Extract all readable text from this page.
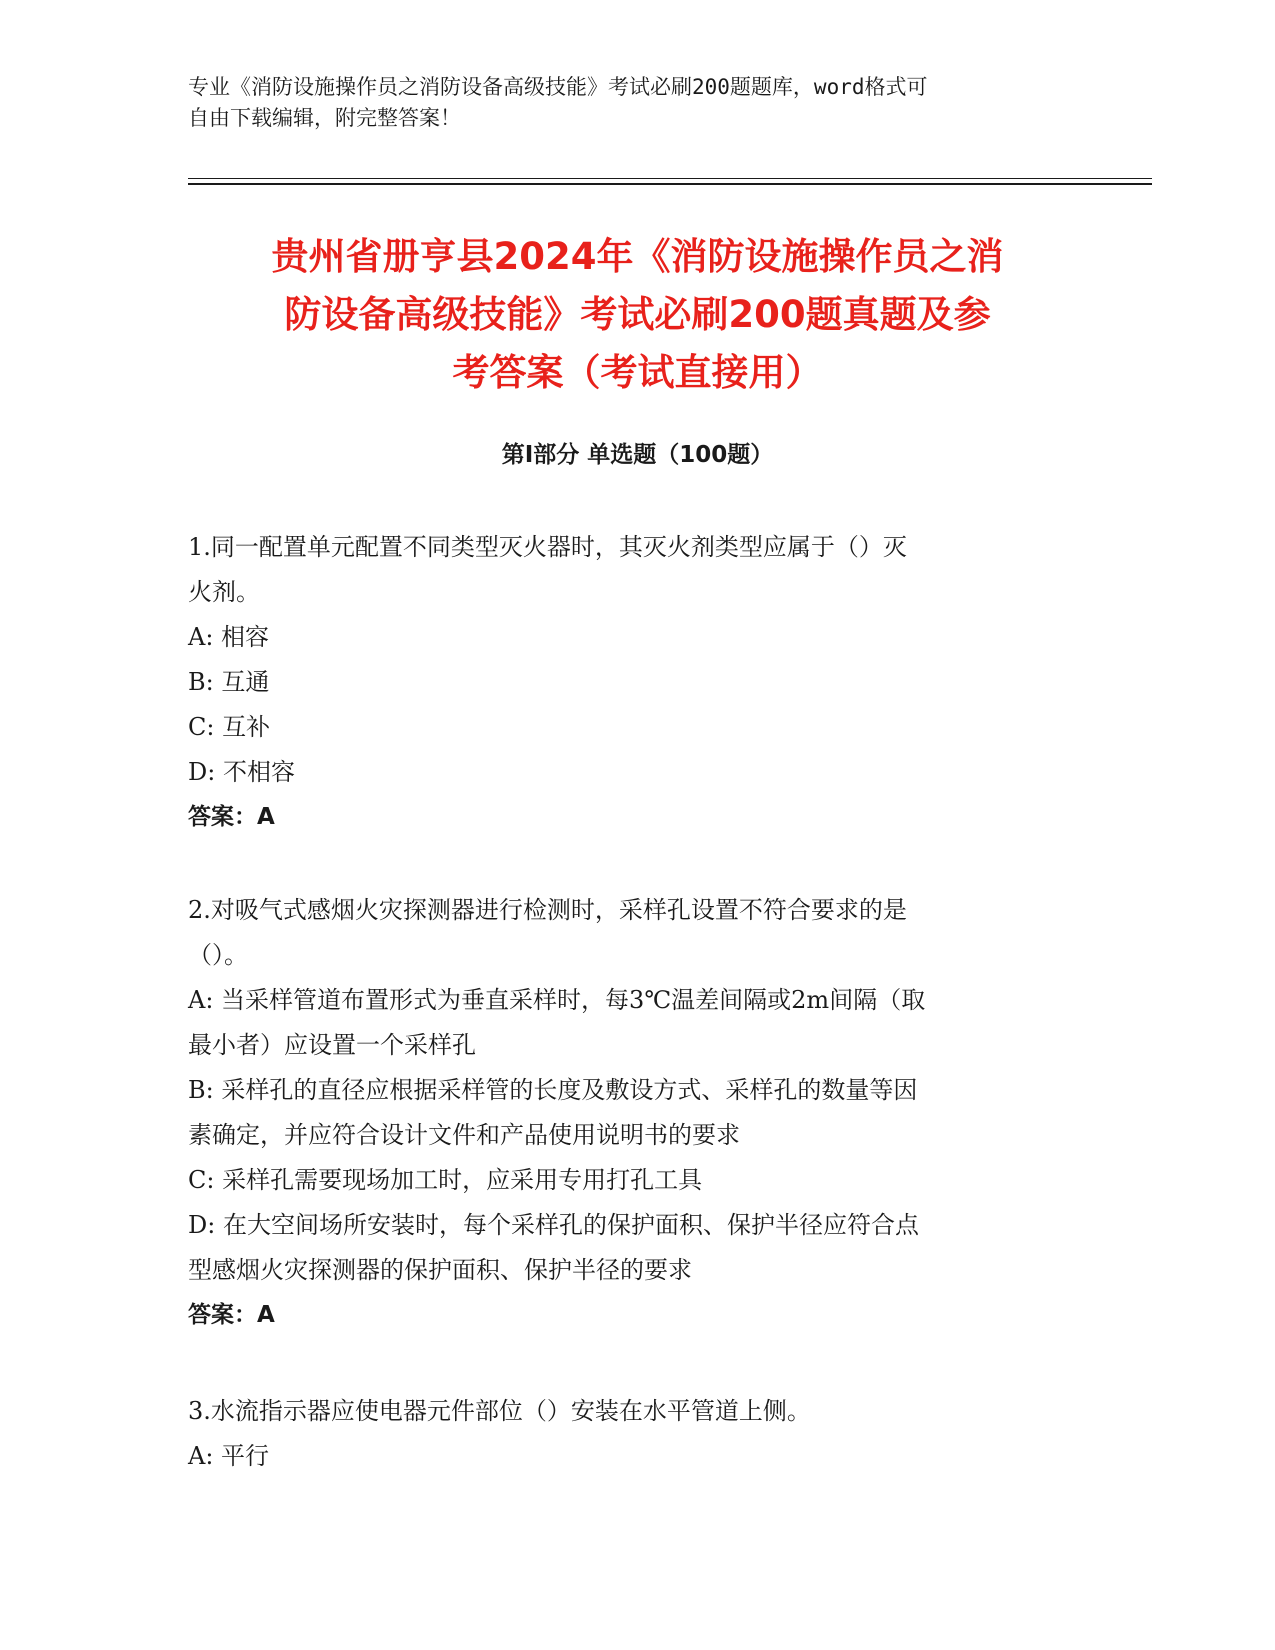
专业《消防设施操作员之消防设备高级技能》考试必刷200题题库，word格式可
自由下载编辑，附完整答案！
贵州省册亨县2024年《消防设施操作员之消
防设备高级技能》考试必刷200题真题及参
考答案（考试直接用）
第Ⅰ部分 单选题（100题）
1.同一配置单元配置不同类型灭火器时，其灭火剂类型应属于（）灭
火剂。
A: 相容
B: 互通
C: 互补
D: 不相容
答案：A
2.对吸气式感烟火灾探测器进行检测时，采样孔设置不符合要求的是
（）。
A: 当采样管道布置形式为垂直采样时，每3℃温差间隔或2m间隔（取
最小者）应设置一个采样孔
B: 采样孔的直径应根据采样管的长度及敷设方式、采样孔的数量等因
素确定，并应符合设计文件和产品使用说明书的要求
C: 采样孔需要现场加工时，应采用专用打孔工具
D: 在大空间场所安装时，每个采样孔的保护面积、保护半径应符合点
型感烟火灾探测器的保护面积、保护半径的要求
答案：A
3.水流指示器应使电器元件部位（）安装在水平管道上侧。
A: 平行
